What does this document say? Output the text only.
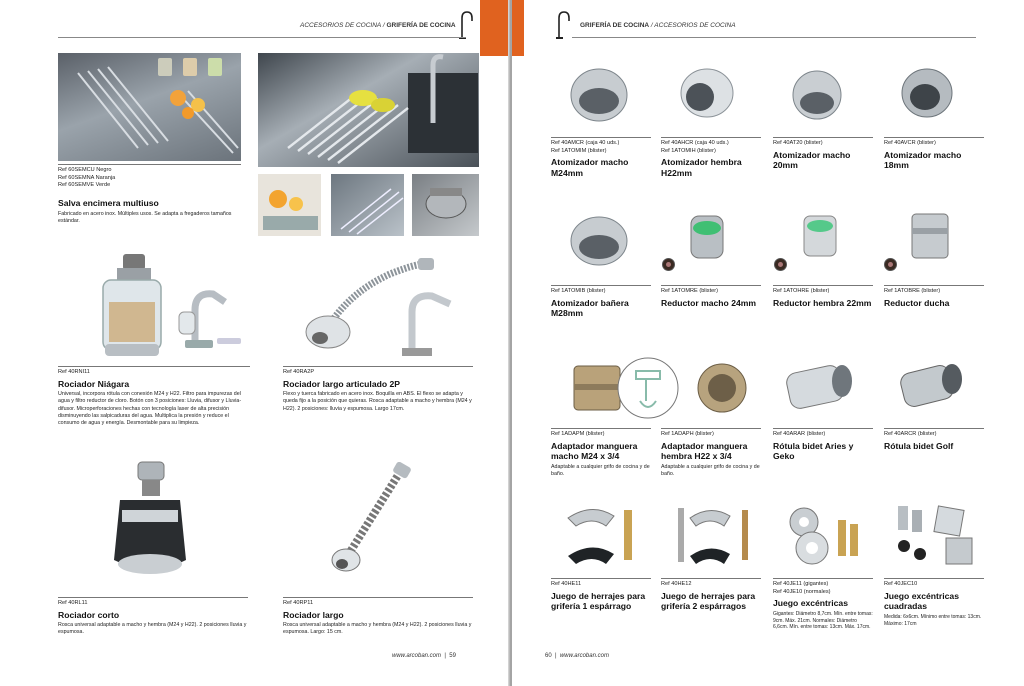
ACCESORIOS DE COCINA / GRIFERÍA DE COCINA
Ref 60SEMCU Negro
Ref 60SEMNA Naranja
Ref 60SEMVE Verde
Salva encimera multiuso
Fabricado en acero inox. Múltiples usos. Se adapta a fregaderos tamaños estándar.
Ref 40RNI11
Rociador Niágara
Universal, incorpora rótula con conexión M24 y H22. Filtro para impurezas del agua y filtro reductor de cloro. Botón con 3 posiciones: Lluvia, difusor y Lluvia-difusor. Microperforaciones hechas con tecnología laser de alta precisión disminuyendo las salpicaduras del agua. Multiplica la presión y reduce el consumo de agua y energía. Desmontable para su limpieza.
Ref 40RA2P
Rociador largo articulado 2P
Flexo y tuerca fabricado en acero inox. Boquilla en ABS. El flexo se adapta y queda fijo a la posición que quieras. Rosca adaptable a macho y hembra (M24 y H22). 2 posiciones: lluvia y espumosa. Largo 17cm.
Ref 40RL11
Rociador corto
Rosca universal adaptable a macho y hembra (M24 y H22). 2 posiciones lluvia y espumosa.
Ref 40RP11
Rociador largo
Rosca universal adaptable a macho y hembra (M24 y H22). 2 posiciones lluvia y espumosa. Largo: 15 cm.
www.arcoban.com  |  59
GRIFERÍA DE COCINA / ACCESORIOS DE COCINA
Ref 40AMCR (caja 40 uds.)
Ref 1ATOMIM (blister)
Atomizador macho M24mm
Ref 40AHCR (caja 40 uds.)
Ref 1ATOMIH (blister)
Atomizador hembra H22mm
Ref 40AT20 (blister)
Atomizador macho 20mm
Ref 40AVCR (blister)
Atomizador macho 18mm
Ref 1ATOMIB (blister)
Atomizador bañera M28mm
Ref 1ATOMRE (blister)
Reductor macho 24mm
Ref 1ATOHRE (blister)
Reductor hembra 22mm
Ref 1ATOBRE (blister)
Reductor ducha
Ref 1ADAPM (blister)
Adaptador manguera macho M24 x 3/4
Adaptable a cualquier grifo de cocina y de baño.
Ref 1ADAPH (blister)
Adaptador manguera hembra H22 x 3/4
Adaptable a cualquier grifo de cocina y de baño.
Ref 40ARAR (blister)
Rótula bidet Aries y Geko
Ref 40ARCR (blister)
Rótula bidet Golf
Ref 40HE11
Juego de herrajes para grifería 1 espárrago
Ref 40HE12
Juego de herrajes para grifería 2 espárragos
Ref 40JE11 (gigantes)
Ref 40JE10 (normales)
Juego excéntricas
Gigantes: Diámetro 8,7cm. Mín. entre tomas: 9cm. Máx. 21cm. Normales: Diámetro 6,6cm. Mín. entre tomas: 13cm. Máx. 17cm.
Ref 40JEC10
Juego excéntricas cuadradas
Medida: 6x6cm. Mínimo entre tomas: 13cm. Máximo: 17cm
60  |  www.arcoban.com
